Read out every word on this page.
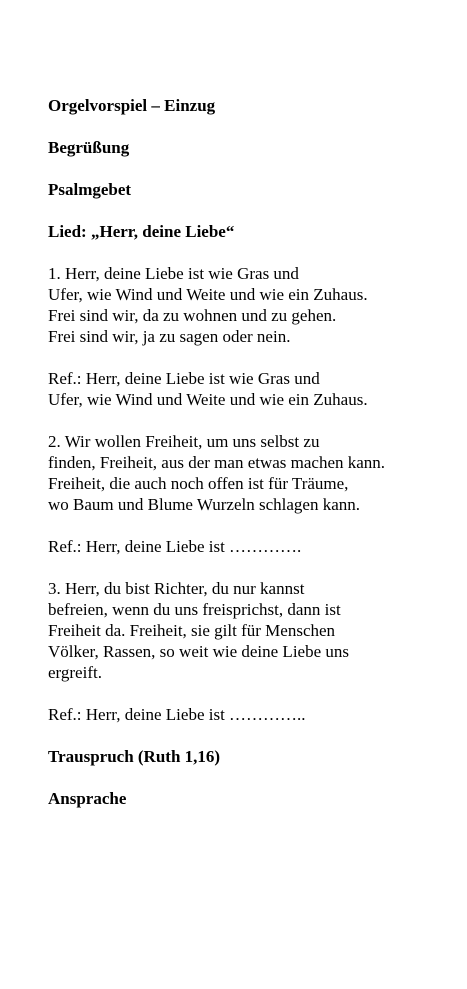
Orgelvorspiel – Einzug
Begrüßung
Psalmgebet
Lied: „Herr, deine Liebe“
1. Herr, deine Liebe ist wie Gras und
Ufer, wie Wind und Weite und wie ein Zuhaus.
Frei sind wir, da zu wohnen und zu gehen.
Frei sind wir, ja zu sagen oder nein.
Ref.: Herr, deine Liebe ist wie Gras und
Ufer, wie Wind und Weite und wie ein Zuhaus.
2. Wir wollen Freiheit, um uns selbst zu
finden, Freiheit, aus der man etwas machen kann.
Freiheit, die auch noch offen ist für Träume,
wo Baum und Blume Wurzeln schlagen kann.
Ref.: Herr, deine Liebe ist ………….
3. Herr, du bist Richter, du nur kannst
befreien, wenn du uns freisprichst, dann ist
Freiheit da. Freiheit, sie gilt für Menschen
Völker, Rassen, so weit wie deine Liebe uns
ergreift.
Ref.: Herr, deine Liebe ist …………..
Trauspruch (Ruth 1,16)
Ansprache
